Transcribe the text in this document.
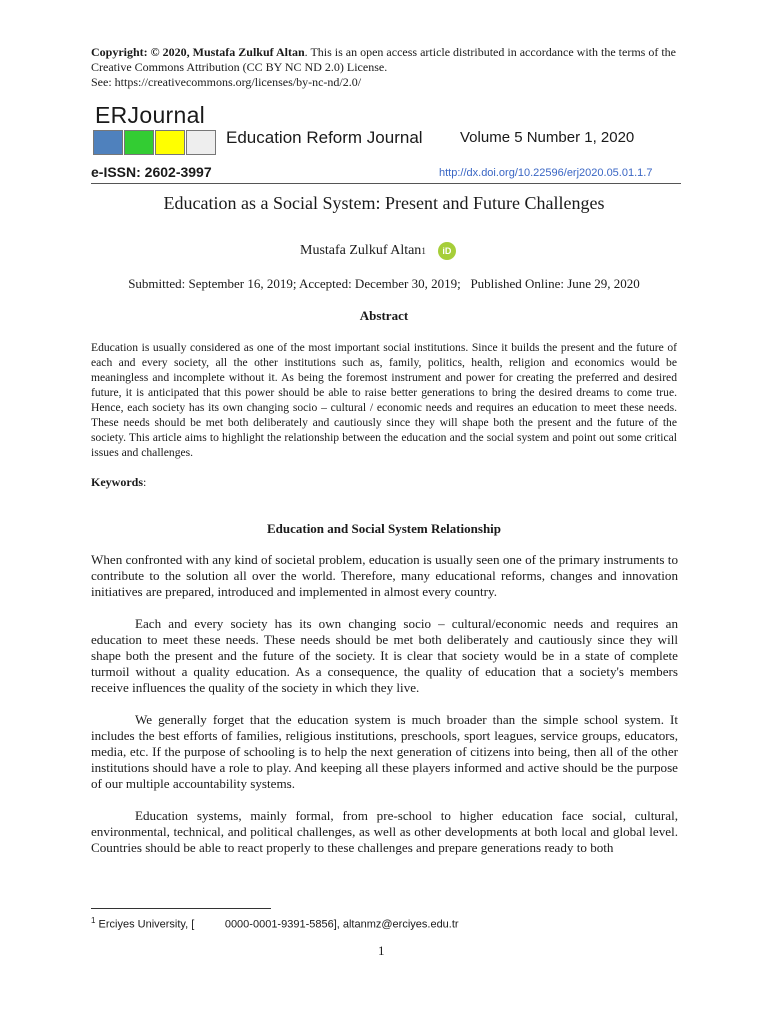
Copyright: © 2020, Mustafa Zulkuf Altan. This is an open access article distributed in accordance with the terms of the Creative Commons Attribution (CC BY NC ND 2.0) License.
See: https://creativecommons.org/licenses/by-nc-nd/2.0/
ERJournal
Education Reform Journal Volume 5 Number 1, 2020
e-ISSN: 2602-3997	http://dx.doi.org/10.22596/erj2020.05.01.1.7
Education as a Social System: Present and Future Challenges
Mustafa Zulkuf Altan 1	iD
Submitted: September 16, 2019; Accepted: December 30, 2019;   Published Online: June 29, 2020
Abstract
Education is usually considered as one of the most important social institutions. Since it builds the present and the future of each and every society, all the other institutions such as, family, politics, health, religion and economics would be meaningless and incomplete without it. As being the foremost instrument and power for creating the preferred and desired future, it is anticipated that this power should be able to raise better generations to bring the desired dreams to come true. Hence, each society has its own changing socio – cultural / economic needs and requires an education to meet these needs. These needs should be met both deliberately and cautiously since they will shape both the present and the future of the society. This article aims to highlight the relationship between the education and the social system and point out some critical issues and challenges.
Keywords:
Education and Social System Relationship

When confronted with any kind of societal problem, education is usually seen one of the primary instruments to contribute to the solution all over the world. Therefore, many educational reforms, changes and innovation initiatives are prepared, introduced and implemented in almost every country.

Each and every society has its own changing socio – cultural/economic needs and requires an education to meet these needs. These needs should be met both deliberately and cautiously since they will shape both the present and the future of the society. It is clear that society would be in a state of complete turmoil without a quality education. As a consequence, the quality of education that a society's members receive influences the quality of the society in which they live.

We generally forget that the education system is much broader than the simple school system. It includes the best efforts of families, religious institutions, preschools, sport leagues, service groups, educators, media, etc. If the purpose of schooling is to help the next generation of citizens into being, then all of the other institutions should have a role to play. And keeping all these players informed and active should be the purpose of our multiple accountability systems.

Education systems, mainly formal, from pre-school to higher education face social, cultural, environmental, technical, and political challenges, as well as other developments at both local and global level. Countries should be able to react properly to these challenges and prepare generations ready to both

$^1$ Erciyes University, [          0000-0001-9391-5856], altanmz@erciyes.edu.tr
1
